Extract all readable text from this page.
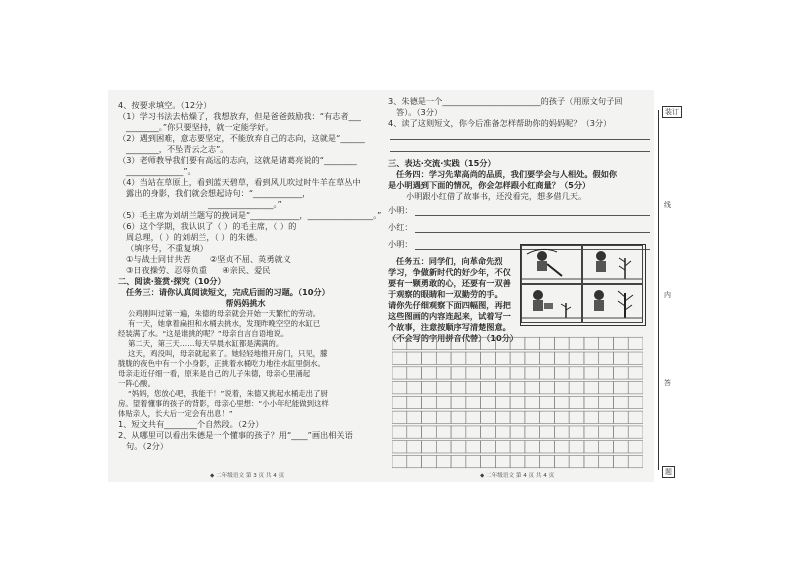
4、按要求填空。（12分）
（1）学习书法去枯燥了，我想放弃，但是爸爸鼓励我：“有志者___
________。”你只要坚持，就一定能学好。
（2）遇到困难，意志要坚定，不能放弃自己的志向，这就是“______
________，不坠青云之志”。
（3）老师教导我们要有高远的志向，这就是诸葛亮说的“________
______________”。
（4）当站在草原上，看到蓝天碧草，看到风儿吹过时牛羊在草丛中
露出的身影，我们就会想起诗句：“____________，
________________。”
（5）毛主席为刘胡兰题写的挽词是“____________，________________。”
（6）这个学期，我认识了（ ）的毛主席，（ ）的
周总理，（ ）的刘胡兰，（ ）的朱德。
（填序号，不重复填）
①与战士同甘共苦 ②坚贞不屈、英勇就义
③日夜操劳、忍辱负重 ④亲民、爱民
二、阅读·鉴赏·探究（10分）
任务三：请你认真阅读短文，完成后面的习题。（10分）
帮妈妈挑水
公鸡刚叫过第一遍，朱德的母亲就会开始一天繁忙的劳动。
有一天，她拿着扁担和水桶去挑水，发现昨晚空空的水缸已
经装满了水。“这是谁挑的呢？”母亲自言自语地说。
第二天，第三天……每天早晨水缸都是满满的。
这天，鸡没叫，母亲就起来了。她轻轻地推开房门，只见，朦
胧胧的夜色中有一个小身影，正挑着水桶吃力地往水缸里倒水。
母亲走近仔细一看，原来是自己的儿子朱德，母亲心里涌起
一阵心酸。
“妈妈，您放心吧，我能干！”说着，朱德又挑起水桶走出了厨
房。望着懂事的孩子的背影，母亲心里想：“小小年纪能做到这样
体贴亲人，长大后一定会有出息！”
1、短文共有________个自然段。（2分）
2、从哪里可以看出朱德是一个懂事的孩子？用“____”画出相关语
句。（2分）
3、朱德是一个________________________的孩子（用原文句子回
答）。（3分）
4、读了这则短文，你今后准备怎样帮助你的妈妈呢？（3分）
三、表达·交流·实践（15分）
任务四：学习先辈高尚的品质，我们要学会与人相处。假如你
是小明遇到下面的情况，你会怎样跟小红商量？（5分）
小明跟小红借了故事书，还没看完，想多借几天。
小明：
小红：
小明：
任务五：同学们，向革命先烈
学习，争做新时代的好少年，不仅
要有一颗勇敢的心，还要有一双善
于观察的眼睛和一双勤劳的手。
请你先仔细观察下面四幅图，再把
这些图画的内容连起来，试着写一
个故事，注意按顺序写清楚图意。
（不会写的字用拼音代替）（10分）
◆ 二年级语文 第 3 页 共 4 页	◆ 二年级语文 第 4 页 共 4 页
装订
线
内
答
题
